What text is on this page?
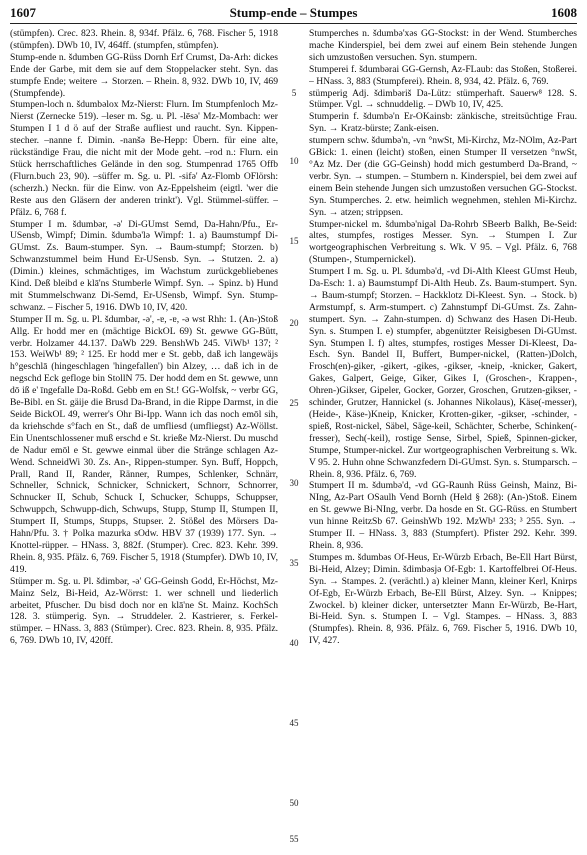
1607	Stump-ende – Stumpes	1608

(stümpfen). Crec. 823. Rhein. 8, 934f. Pfälz. 6, 768. Fischer 5, 1918 (stümpfen). DWb 10, IV, 464ff. (stumpfen, stümpfen).

Stump-ende n. šdumben GG-Rüss Dornh Erf Crumst, Da-Arh: dickes Ende der Garbe, mit dem sie auf dem Stoppelacker steht. Syn. das stumpfe Ende; weitere → Storzen. – Rhein. 8, 932. DWb 10, IV, 469 (Stumpfende).

Stumpen-loch n. šdumbəlox Mz-Nierst: Flurn. Im Stumpfenloch Mz-Nierst (Zernecke 519). –leser m. Sg. u. Pl. -lēsə' Mz-Mombach: wer Stumpen I 1 d ö auf der Straße aufliest und raucht. Syn. Kippen-stecher. –nanne f. Dimin. -nanšə Be-Hepp: Übern. für eine alte, rückständige Frau, die nicht mit der Mode geht. –rod n.: Flurn. ein Stück herrschaftliches Gelände in den sog. Stumpenrad 1765 Offb (Flurn.buch 23, 90). –süffer m. Sg. u. Pl. -sifə' Az-Flomb OFlörsh: (scherzh.) Neckn. für die Einw. von Az-Eppelsheim (eigtl. 'wer die Reste aus den Gläsern der anderen trinkt'). Vgl. Stümmel-süffer. – Pfälz. 6, 768 f.

Stumper I m. šdumbər, -ə' Di-GUmst Semd, Da-Hahn/Pfu., Er-USensb, Wimpf; Dimin. šdumbə'lə Wimpf: 1. a) Baumstumpf Di-GUmst. Zs. Baum-stumper. Syn. → Baum-stumpf; Storzen. b) Schwanzstummel beim Hund Er-USensb. Syn. → Stutzen. 2. a) (Dimin.) kleines, schmächtiges, im Wachstum zurückgebliebenes Kind. Deß bleibd e klā'ns Stumberle Wimpf. Syn. → Spinz. b) Hund mit Stummelschwanz Di-Semd, Er-USensb, Wimpf. Syn. Stump-schwanz. – Fischer 5, 1916. DWb 10, IV, 420.

Stumper II m. Sg. u. Pl. šdumbər, -ə', -ɐ, -ɐ, -ə wst Rhh: 1. (An-)Stoß Allg. Er hodd mer en (mächtige BickOL 69) St. gewwe GG-Bütt, verbr. Holzamer 44.137. DaWb 229. BenshWb 245. ViWb¹ 137; ² 153. WeiWb¹ 89; ² 125. Er hodd mer e St. gebb, daß ich langewäjs h°geschlā (hingeschlagen 'hingefallen') bin Alzey, … daß ich in de negschd Eck gefloge bin StollN 75. Der hodd dem en St. gewwe, unn dō iß e' īngefalle Da-Roßd. Gebb em en St.! GG-Wolfsk, ~ verbr GG, Be-Bibl. en St. gäije die Brusd Da-Brand, in die Rippe Darmst, in die Seide BickOL 49, werrer's Ohr Bi-Ipp. Wann ich das noch emōl sih, da kriehschde s°fach en St., daß de umfliesd (umfliegst) Az-Wöllst. Ein Unentschlossener muß erschd e St. krieße Mz-Nierst. Du muschd de Nadur emōl e St. gewwe einmal über die Stränge schlagen Az-Wend. SchneidWi 30. Zs. An-, Rippen-stumper. Syn. Buff, Hoppch, Prall, Rand II, Rander, Ränner, Rumpes, Schlenker, Schnärr, Schneller, Schnick, Schnicker, Schnickert, Schnorr, Schnorrer, Schnucker II, Schub, Schuck I, Schucker, Schupps, Schuppser, Schwuppch, Schwupp-dich, Schwups, Stupp, Stump II, Stumpen II, Stumpert II, Stumps, Stupps, Stupser. 2. Stößel des Mörsers Da-Hahn/Pfu. 3. † Polka mazurka sOdw. HBV 37 (1939) 177. Syn. → Knottel-rüpper. – HNass. 3, 882f. (Stumper). Crec. 823. Kehr. 399. Rhein. 8, 935. Pfälz. 6, 769. Fischer 5, 1918 (Stumpfer). DWb 10, IV, 419.

Stümper m. Sg. u. Pl. šdimbər, -ə' GG-Geinsh Godd, Er-Höchst, Mz-Mainz Selz, Bi-Heid, Az-Wörrst: 1. wer schnell und liederlich arbeitet, Pfuscher. Du bisd doch nor en klā'ne St. Mainz. KochSch 128. 3. stümperig. Syn. → Struddeler. 2. Kastrierer, s. Ferkel-stümper. – HNass. 3, 883 (Stümper). Crec. 823. Rhein. 8, 935. Pfälz. 6, 769. DWb 10, IV, 420ff.

5
10
15
20
25
30
35
40
45
50
55

Stumperches n. šdumbə'xəs GG-Stockst: in der Wend. Stumberches mache Kinderspiel, bei dem zwei auf einem Bein stehende Jungen sich umzustoßen versuchen. Syn. stumpern.

Stumperei f. šdumbərai GG-Gernsh, Az-FLaub: das Stoßen, Stoßerei. – HNass. 3, 883 (Stumpferei). Rhein. 8, 934, 42. Pfälz. 6, 769.

stümperig Adj. šdimbəriš Da-Lütz: stümperhaft. Sauerw⁸ 128. S. Stümper. Vgl. → schnuddelig. – DWb 10, IV, 425.

Stumperin f. šdumbə'n Er-OKainsb: zänkische, streitsüchtige Frau. Syn. → Kratz-bürste; Zank-eisen.

stumpern schw. šdumbə'n, -vn °nwSt, Mi-Kirchz, Mz-NOlm, Az-Part GBick: 1. einen (leicht) stoßen, einen Stumper II versetzen °nwSt, °Az Mz. Der (die GG-Geinsh) hodd mich gestumberd Da-Brand, ~ verbr. Syn. → stumpen. – Stumbern n. Kinderspiel, bei dem zwei auf einem Bein stehende Jungen sich umzustoßen versuchen GG-Stockst. Syn. Stumperches. 2. etw. heimlich wegnehmen, stehlen Mi-Kirchz. Syn. → atzen; strippsen.

Stumper-nickel m. šdumbə'nigəl Da-Rohrb SBeerb Balkh, Be-Seid: altes, stumpfes, rostiges Messer. Syn. → Stumpen I. Zur wortgeographischen Verbreitung s. Wk. V 95. – Vgl. Pfälz. 6, 768 (Stumpen-, Stumpernickel).

Stumpert I m. Sg. u. Pl. šdumbə'd, -vd Di-Alth Kleest GUmst Heub, Da-Esch: 1. a) Baumstumpf Di-Alth Heub. Zs. Baum-stumpert. Syn. → Baum-stumpf; Storzen. – Hackklotz Di-Kleest. Syn. → Stock. b) Armstumpf, s. Arm-stumpert. c) Zahnstumpf Di-GUmst. Zs. Zahn-stumpert. Syn. → Zahn-stumpen. d) Schwanz des Hasen Di-Heub. Syn. s. Stumpen I. e) stumpfer, abgenützter Reisigbesen Di-GUmst. Syn. Stumpen I. f) altes, stumpfes, rostiges Messer Di-Kleest, Da-Esch. Syn. Bandel II, Buffert, Bumper-nickel, (Ratten-)Dolch, Frosch(en)-giker, -gikert, -gikes, -gikser, -kneip, -knicker, Gakert, Gakes, Galpert, Geige, Giker, Gikes I, (Groschen-, Krappen-, Ohren-)Gikser, Gipeler, Gocker, Gorzer, Groschen, Grutzen-gikser, -schinder, Grutzer, Hannickel (s. Johannes Nikolaus), Käse(-messer), (Heide-, Käse-)Kneip, Knicker, Krotten-giker, -gikser, -schinder, -spieß, Rost-nickel, Säbel, Säge-keil, Schächter, Scherbe, Schinken(-fresser), Sech(-keil), rostige Sense, Sirbel, Spieß, Spinnen-gicker, Stumpe, Stumper-nickel. Zur wortgeographischen Verbreitung s. Wk. V 95. 2. Huhn ohne Schwanzfedern Di-GUmst. Syn. s. Stumparsch. – Rhein. 8, 936. Pfälz. 6, 769.

Stumpert II m. šdumbə'd, -vd GG-Raunh Rüss Geinsh, Mainz, Bi-NIng, Az-Part OSaulh Vend Bornh (Held § 268): (An-)Stoß. Einem en St. gewwe Bi-NIng, verbr. Da hosde en St. GG-Rüss. en Stumbert vun hinne ReitzSb 67. GeinshWb 192. MzWb¹ 233; ³ 255. Syn. → Stumper II. – HNass. 3, 883 (Stumpfert). Pfister 292. Kehr. 399. Rhein. 8, 936.

Stumpes m. šdumbəs Of-Heus, Er-Würzb Erbach, Be-Ell Hart Bürst, Bi-Heid, Alzey; Dimin. šdimbəsjə Of-Egb: 1. Kartoffelbrei Of-Heus. Syn. → Stampes. 2. (verächtl.) a) kleiner Mann, kleiner Kerl, Knirps Of-Egb, Er-Würzb Erbach, Be-Ell Bürst, Alzey. Syn. → Knippes; Zwockel. b) kleiner dicker, untersetzter Mann Er-Würzb, Be-Hart, Bi-Heid. Syn. s. Stumpen I. – Vgl. Stampes. – HNass. 3, 883 (Stumpfes). Rhein. 8, 936. Pfälz. 6, 769. Fischer 5, 1916. DWb 10, IV, 427.
